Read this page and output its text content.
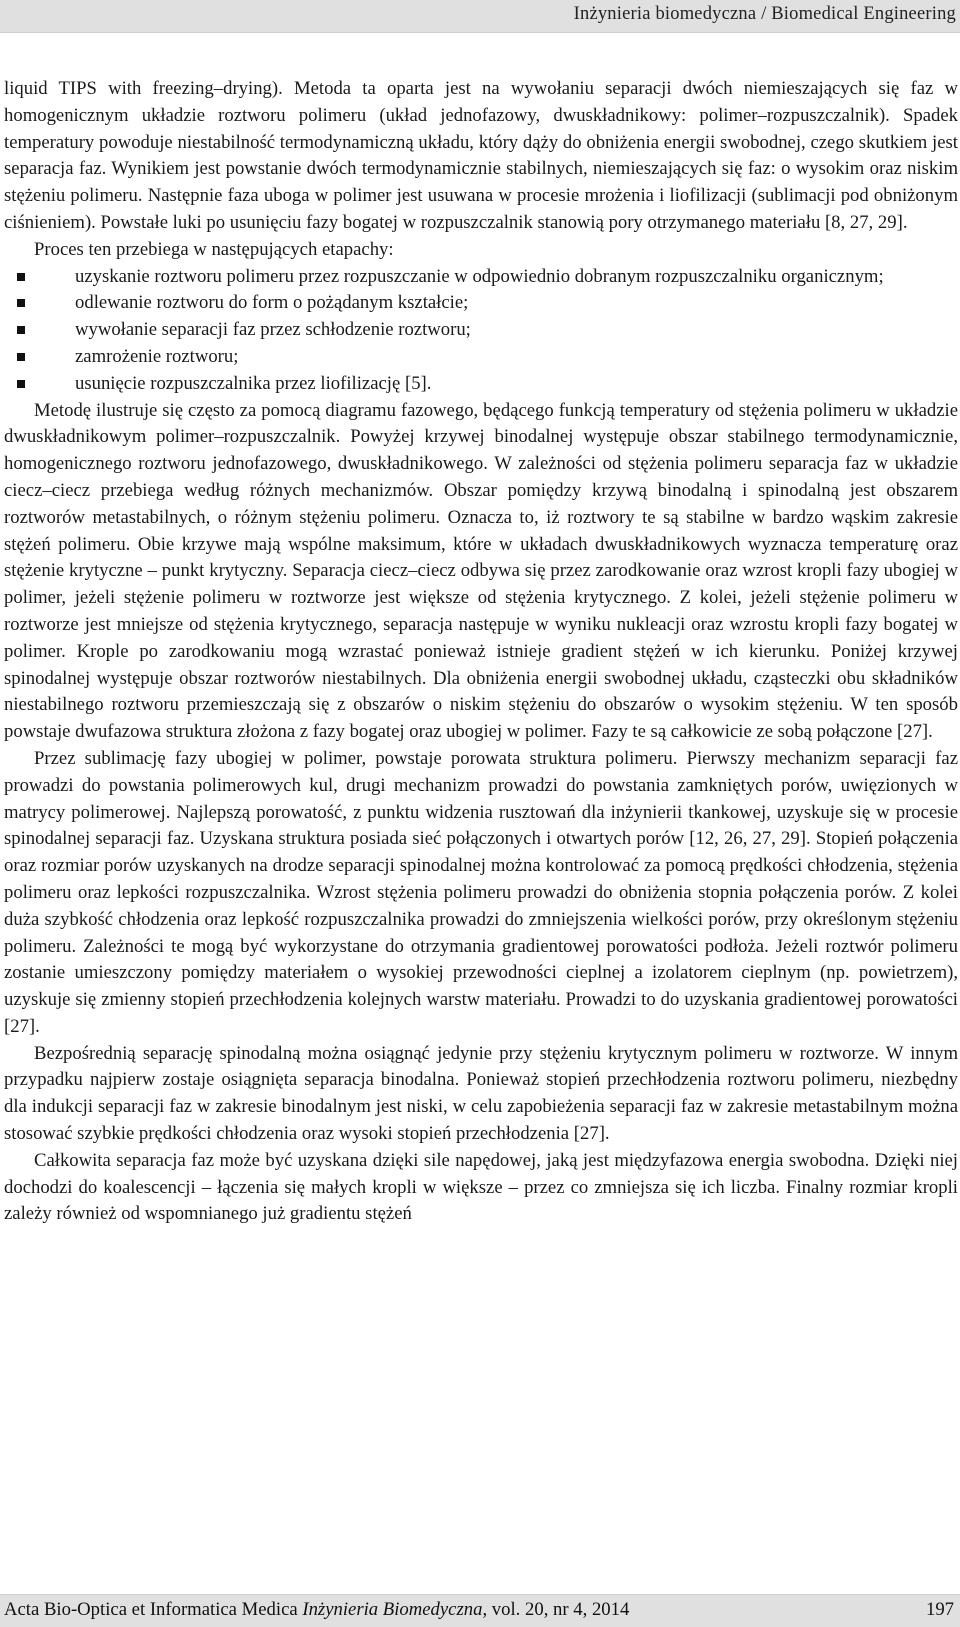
Inżynieria biomedyczna / Biomedical Engineering

liquid TIPS with freezing–drying). Metoda ta oparta jest na wywołaniu separacji dwóch niemieszających się faz w homogenicznym układzie roztworu polimeru (układ jednofazowy, dwuskładnikowy: polimer–rozpuszczalnik). Spadek temperatury powoduje niestabilność termodynamiczną układu, który dąży do obniżenia energii swobodnej, czego skutkiem jest separacja faz. Wynikiem jest powstanie dwóch termodynamicznie stabilnych, niemieszających się faz: o wysokim oraz niskim stężeniu polimeru. Następnie faza uboga w polimer jest usuwana w procesie mrożenia i liofilizacji (sublimacji pod obniżonym ciśnieniem). Powstałe luki po usunięciu fazy bogatej w rozpuszczalnik stanowią pory otrzymanego materiału [8, 27, 29].

Proces ten przebiega w następujących etapachy:

uzyskanie roztworu polimeru przez rozpuszczanie w odpowiednio dobranym rozpuszczalniku organicznym;
odlewanie roztworu do form o pożądanym kształcie;
wywołanie separacji faz przez schłodzenie roztworu;
zamrożenie roztworu;
usunięcie rozpuszczalnika przez liofilizację [5].

Metodę ilustruje się często za pomocą diagramu fazowego, będącego funkcją temperatury od stężenia polimeru w układzie dwuskładnikowym polimer–rozpuszczalnik. Powyżej krzywej binodalnej występuje obszar stabilnego termodynamicznie, homogenicznego roztworu jednofazowego, dwuskładnikowego. W zależności od stężenia polimeru separacja faz w układzie ciecz–ciecz przebiega według różnych mechanizmów. Obszar pomiędzy krzywą binodalną i spinodalną jest obszarem roztworów metastabilnych, o różnym stężeniu polimeru. Oznacza to, iż roztwory te są stabilne w bardzo wąskim zakresie stężeń polimeru. Obie krzywe mają wspólne maksimum, które w układach dwuskładnikowych wyznacza temperaturę oraz stężenie krytyczne – punkt krytyczny. Separacja ciecz–ciecz odbywa się przez zarodkowanie oraz wzrost kropli fazy ubogiej w polimer, jeżeli stężenie polimeru w roztworze jest większe od stężenia krytycznego. Z kolei, jeżeli stężenie polimeru w roztworze jest mniejsze od stężenia krytycznego, separacja następuje w wyniku nukleacji oraz wzrostu kropli fazy bogatej w polimer. Krople po zarodkowaniu mogą wzrastać ponieważ istnieje gradient stężeń w ich kierunku. Poniżej krzywej spinodalnej występuje obszar roztworów niestabilnych. Dla obniżenia energii swobodnej układu, cząsteczki obu składników niestabilnego roztworu przemieszczają się z obszarów o niskim stężeniu do obszarów o wysokim stężeniu. W ten sposób powstaje dwufazowa struktura złożona z fazy bogatej oraz ubogiej w polimer. Fazy te są całkowicie ze sobą połączone [27].

Przez sublimację fazy ubogiej w polimer, powstaje porowata struktura polimeru. Pierwszy mechanizm separacji faz prowadzi do powstania polimerowych kul, drugi mechanizm prowadzi do powstania zamkniętych porów, uwięzionych w matrycy polimerowej. Najlepszą porowatość, z punktu widzenia rusztowań dla inżynierii tkankowej, uzyskuje się w procesie spinodalnej separacji faz. Uzyskana struktura posiada sieć połączonych i otwartych porów [12, 26, 27, 29]. Stopień połączenia oraz rozmiar porów uzyskanych na drodze separacji spinodalnej można kontrolować za pomocą prędkości chłodzenia, stężenia polimeru oraz lepkości rozpuszczalnika. Wzrost stężenia polimeru prowadzi do obniżenia stopnia połączenia porów. Z kolei duża szybkość chłodzenia oraz lepkość rozpuszczalnika prowadzi do zmniejszenia wielkości porów, przy określonym stężeniu polimeru. Zależności te mogą być wykorzystane do otrzymania gradientowej porowatości podłoża. Jeżeli roztwór polimeru zostanie umieszczony pomiędzy materiałem o wysokiej przewodności cieplnej a izolatorem cieplnym (np. powietrzem), uzyskuje się zmienny stopień przechłodzenia kolejnych warstw materiału. Prowadzi to do uzyskania gradientowej porowatości [27].

Bezpośrednią separację spinodalną można osiągnąć jedynie przy stężeniu krytycznym polimeru w roztworze. W innym przypadku najpierw zostaje osiągnięta separacja binodalna. Ponieważ stopień przechłodzenia roztworu polimeru, niezbędny dla indukcji separacji faz w zakresie binodalnym jest niski, w celu zapobieżenia separacji faz w zakresie metastabilnym można stosować szybkie prędkości chłodzenia oraz wysoki stopień przechłodzenia [27].

Całkowita separacja faz może być uzyskana dzięki sile napędowej, jaką jest międzyfazowa energia swobodna. Dzięki niej dochodzi do koalescencji – łączenia się małych kropli w większe – przez co zmniejsza się ich liczba. Finalny rozmiar kropli zależy również od wspomnianego już gradientu stężeń

Acta Bio-Optica et Informatica Medica Inżynieria Biomedyczna, vol. 20, nr 4, 2014	197
